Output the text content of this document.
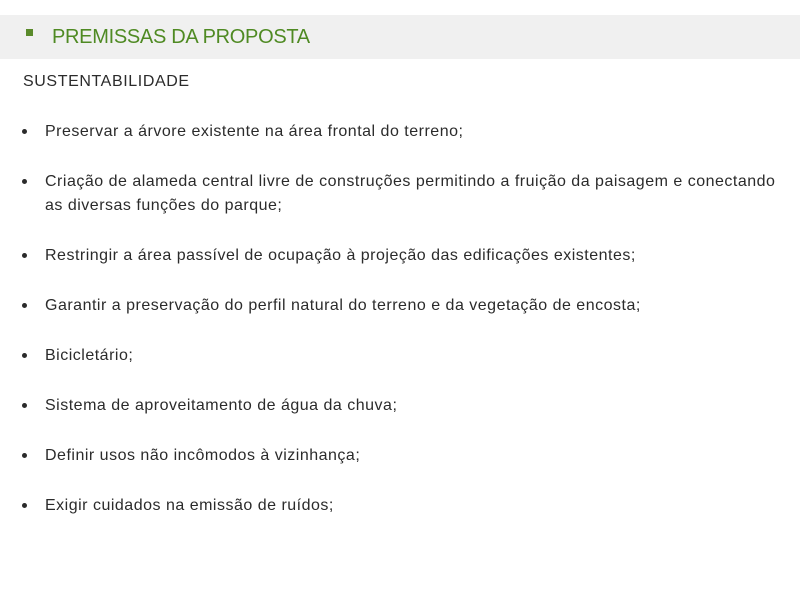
PREMISSAS DA PROPOSTA
SUSTENTABILIDADE
Preservar a árvore existente na área frontal do terreno;
Criação de alameda central livre de construções permitindo a fruição da paisagem e conectando as diversas funções do parque;
Restringir a área passível de ocupação à projeção das edificações existentes;
Garantir a preservação do perfil natural do terreno e da vegetação de encosta;
Bicicletário;
Sistema de aproveitamento de água da chuva;
Definir usos não incômodos à vizinhança;
Exigir cuidados na emissão de ruídos;
